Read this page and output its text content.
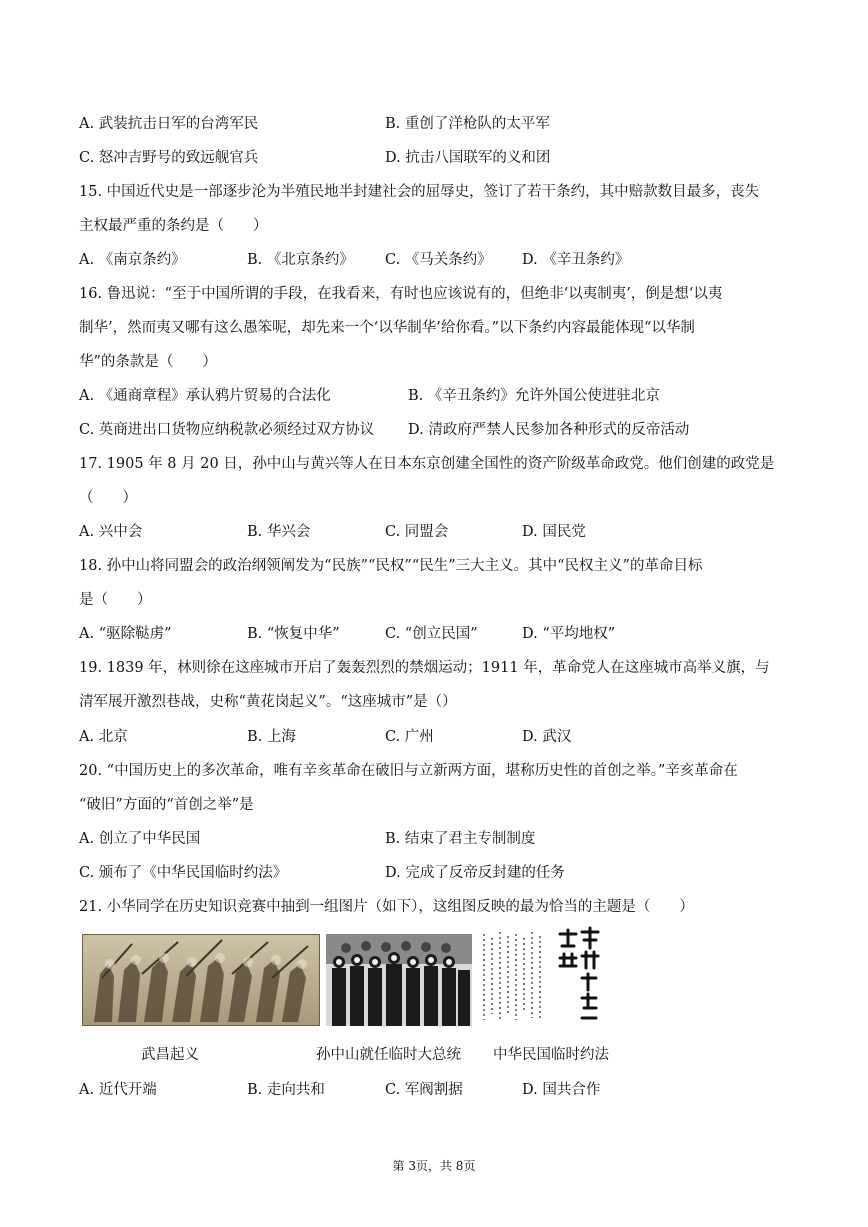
A. 武装抗击日军的台湾军民	B. 重创了洋枪队的太平军
C. 怒冲吉野号的致远舰官兵	D. 抗击八国联军的义和团
15. 中国近代史是一部逐步沦为半殖民地半封建社会的屈辱史，签订了若干条约，其中赔款数目最多，丧失
主权最严重的条约是（　　）
A. 《南京条约》	B. 《北京条约》 C. 《马关条约》 D. 《辛丑条约》
16. 鲁迅说：“至于中国所谓的手段，在我看来，有时也应该说有的，但绝非‘以夷制夷’，倒是想‘以夷
制华’，然而夷又哪有这么愚笨呢，却先来一个‘以华制华’给你看。”以下条约内容最能体现“以华制
华”的条款是（　　）
A. 《通商章程》承认鸦片贸易的合法化	B. 《辛丑条约》允许外国公使进驻北京
C. 英商进出口货物应纳税款必须经过双方协议 D. 清政府严禁人民参加各种形式的反帝活动
17. 1905 年 8 月 20 日，孙中山与黄兴等人在日本东京创建全国性的资产阶级革命政党。他们创建的政党是
（　　）
A. 兴中会	B. 华兴会	C. 同盟会	D. 国民党
18. 孙中山将同盟会的政治纲领阐发为“民族”“民权”“民生”三大主义。其中“民权主义”的革命目标
是（　　）
A. “驱除鞑虏”	B. “恢复中华”	C. “创立民国”	D. “平均地权”
19. 1839 年，林则徐在这座城市开启了轰轰烈烈的禁烟运动；1911 年，革命党人在这座城市高举义旗，与
清军展开激烈巷战，史称“黄花岗起义”。“这座城市”是（）
A. 北京	B. 上海	C. 广州	D. 武汉
20. “中国历史上的多次革命，唯有辛亥革命在破旧与立新两方面，堪称历史性的首创之举。”辛亥革命在
“破旧”方面的“首创之举”是
A. 创立了中华民国	B. 结束了君主专制制度
C. 颁布了《中华民国临时约法》	D. 完成了反帝反封建的任务
21. 小华同学在历史知识竞赛中抽到一组图片（如下），这组图反映的最为恰当的主题是（　　）
武昌起义	孙中山就任临时大总统 中华民国临时约法
A. 近代开端	B. 走向共和	C. 军阀割据	D. 国共合作
第 3页，共 8页
